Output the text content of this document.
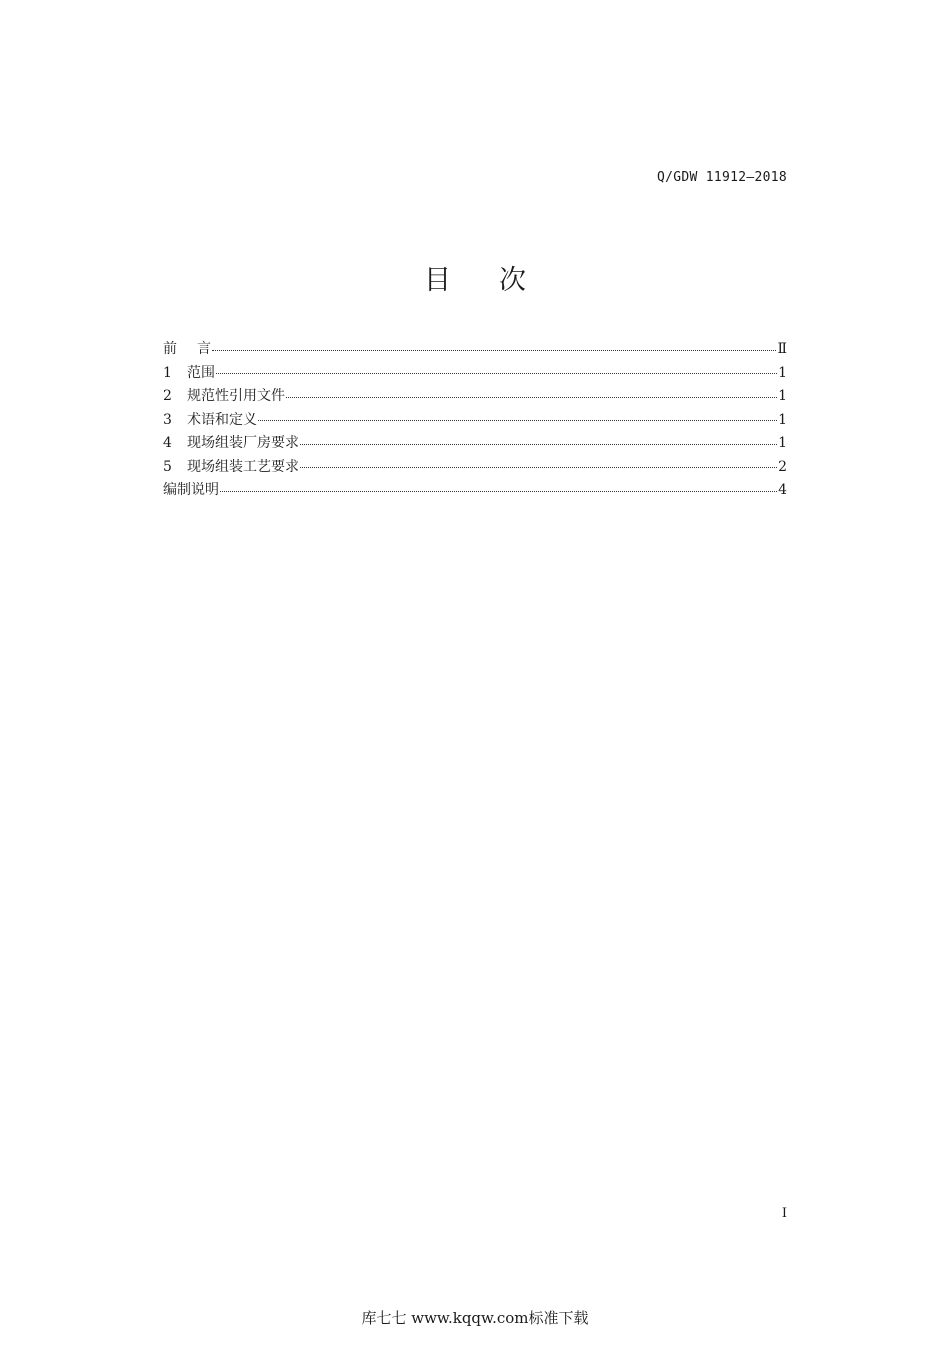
Q/GDW 11912—2018
目 次
前 言	Ⅱ
1	范围	1
2	规范性引用文件	1
3	术语和定义	1
4	现场组装厂房要求	1
5	现场组装工艺要求	2
编制说明	4
I
库七七 www.kqqw.com标准下载
